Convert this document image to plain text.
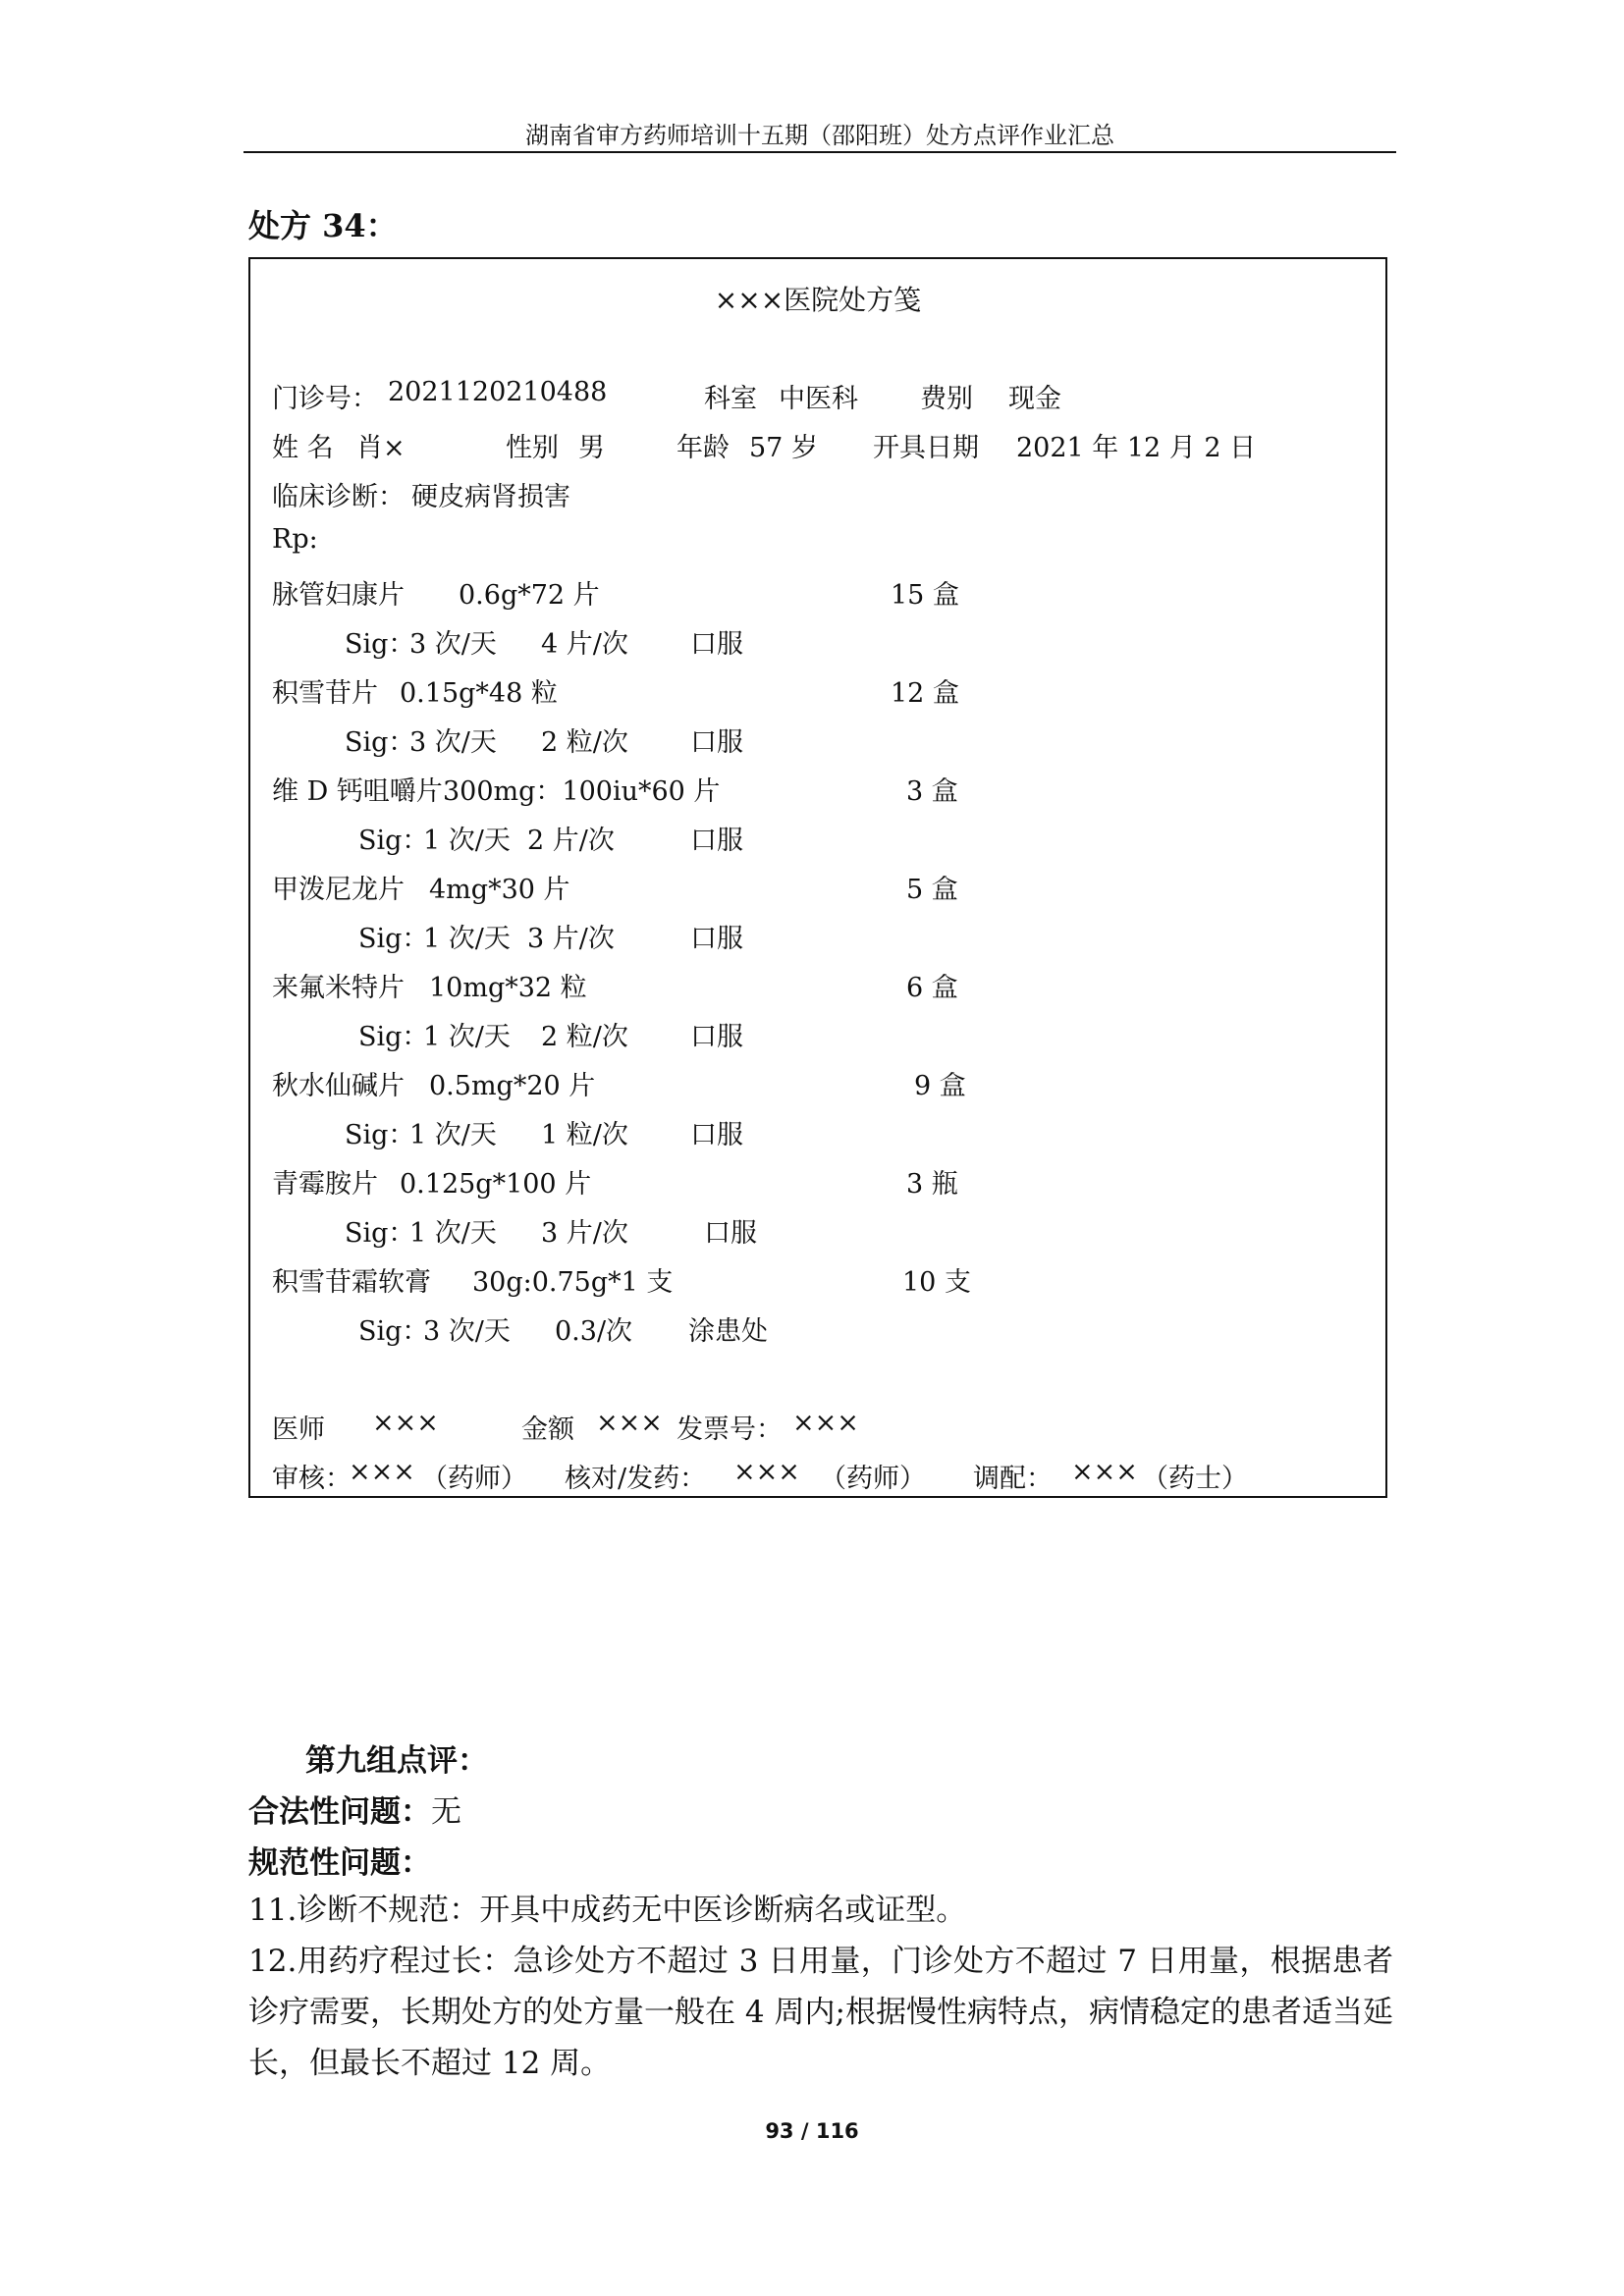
湖南省审方药师培训十五期（邵阳班）处方点评作业汇总
处方 34：
×××医院处方笺
门诊号： 2021120210488	科室 中医科 费别 现金
姓 名 肖×	性别 男	年龄 57 岁 开具日期 2021 年 12 月 2 日
临床诊断： 硬皮病肾损害
Rp:
脉管妇康片 0.6g*72 片	15 盒
Sig：
3 次/天 4 片/次 口服
积雪苷片 0.15g*48 粒	12 盒
Sig：
3 次/天 2 粒/次 口服
维 D 钙咀嚼片 300mg：100iu*60 片	3 盒
Sig：
1 次/天 2 片/次	口服
甲泼尼龙片 4mg*30 片	5 盒
Sig：
1 次/天 3 片/次	口服
来氟米特片 10mg*32 粒	6 盒
Sig：
1 次/天 2 粒/次 口服
秋水仙碱片 0.5mg*20 片	9 盒
Sig：
1 次/天 1 粒/次 口服
青霉胺片 0.125g*100 片	3 瓶
Sig：
1 次/天 3 片/次	口服
积雪苷霜软膏 30g:0.75g*1 支	10 支
Sig：
3 次/天 0.3/次 涂患处
医师 ×××	金额 ××× 发票号： ×××
审核：
××× （药师） 核对/发药： ××× （药师） 调配： ××× （药士）
第九组点评：
合法性问题：无
规范性问题：
11.诊断不规范：开具中成药无中医诊断病名或证型。
12.用药疗程过长：急诊处方不超过 3 日用量，门诊处方不超过 7 日用量，根据患者诊疗需要，长期处方的处方量一般在 4 周内;根据慢性病特点，病情稳定的患者适当延长，但最长不超过 12 周。
93 / 116
